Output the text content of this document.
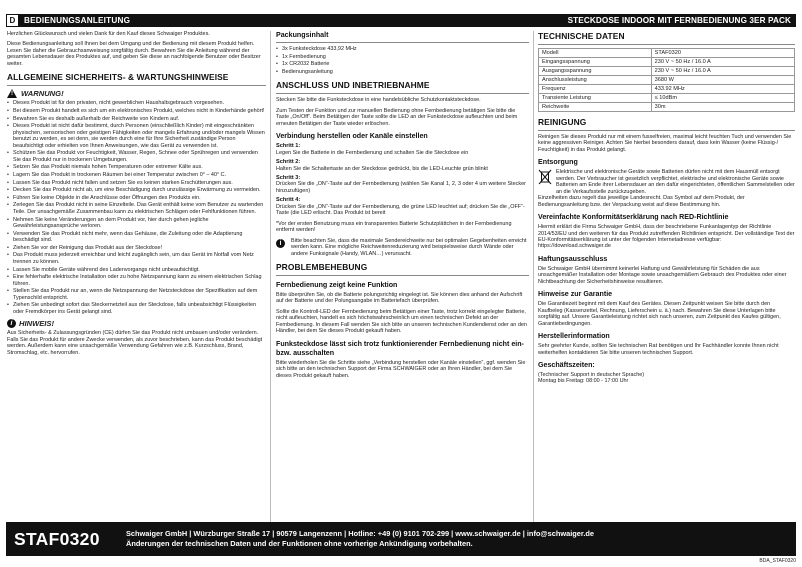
D	BEDIENUNGSANLEITUNG	STECKDOSE INDOOR MIT FERNBEDIENUNG 3ER PACK

Herzlichen Glückwunsch und vielen Dank für den Kauf dieses Schwaiger Produktes.

Diese Bedienungsanleitung soll Ihnen bei dem Umgang und der Bedienung mit diesem Produkt helfen. Lesen Sie daher die Gebrauchsanweisung sorgfältig durch. Bewahren Sie die Anleitung während der gesamten Lebensdauer des Produktes auf, und geben Sie diese an nachfolgende Benutzer oder Besitzer weiter.

ALLGEMEINE SICHERHEITS- & WARTUNGSHINWEISE
! WARNUNG!
• Dieses Produkt ist für den privaten, nicht gewerblichen Haushaltsgebrauch vorgesehen.
• Bei diesem Produkt handelt es sich um ein elektronisches Produkt, welches nicht in Kinderhände gehört!
• Bewahren Sie es deshalb außerhalb der Reichweite von Kindern auf.
• Dieses Produkt ist nicht dafür bestimmt, durch Personen (einschließlich Kinder) mit eingeschränkten physischen, sensorischen oder geistigen Fähigkeiten oder mangels Erfahrung und/oder mangels Wissen benutzt zu werden, es sei denn, sie werden durch eine für Ihre Sicherheit zuständige Person beaufsichtigt oder erhielten von Ihnen Anweisungen, wie das Gerät zu verwenden ist.
• Schützen Sie das Produkt vor Feuchtigkeit, Wasser, Regen, Schnee oder Sprühregen und verwenden Sie das Produkt nur in trockenen Umgebungen.
• Setzen Sie das Produkt niemals hohen Temperaturen oder extremer Kälte aus.
• Lagern Sie das Produkt in trockenen Räumen bei einer Temperatur zwischen 0° – 40° C.
• Lassen Sie das Produkt nicht fallen und setzen Sie es keinen starken Erschütterungen aus.
• Decken Sie das Produkt nicht ab, um eine Beschädigung durch unzulässige Erwärmung zu vermeiden.
• Führen Sie keine Objekte in die Anschlüsse oder Öffnungen des Produkts ein.
• Zerlegen Sie das Produkt nicht in seine Einzelteile. Das Gerät enthält keine vom Benutzer zu wartenden Teile. Der unsachgemäße Zusammenbau kann zu elektrischen Schlägen oder Fehlfunktionen führen.
• Nehmen Sie keine Veränderungen an dem Produkt vor, hier durch gehen jegliche Gewährleistungsansprüche verloren.
• Verwenden Sie das Produkt nicht mehr, wenn das Gehäuse, die Zuleitung oder die Adaptierung beschädigt sind.
• Ziehen Sie vor der Reinigung das Produkt aus der Steckdose!
• Das Produkt muss jederzeit erreichbar und leicht zugänglich sein, um das Gerät im Notfall vom Netz trennen zu können.
• Lassen Sie mobile Geräte während des Ladenvorgangs nicht unbeaufsichtigt.
• Eine fehlerhafte elektrische Installation oder zu hohe Netzspannung kann zu einem elektrischen Schlag führen.
• Stellen Sie das Produkt nur an, wenn die Netzspannung der Netzsteckdose der Spezifikation auf dem Typenschild entspricht.
• Ziehen Sie unbedingt sofort das Steckernetzteil aus der Steckdose, falls unbeabsichtigt Flüssigkeiten oder Fremdkörper ins Gerät gelangt sind.
i HINWEIS!

Aus Sicherheits- & Zulassungsgründen (CE) dürfen Sie das Produkt nicht umbauen und/oder verändern. Falls Sie das Produkt für andere Zwecke verwenden, als zuvor beschrieben, kann das Produkt beschädigt werden. Außerdem kann eine unsachgemäße Verwendung Gefahren wie z.B. Kurzschluss, Brand, Stromschlag, etc. hervorrufen.

Packungsinhalt
• 3x Funksteckdose 433,92 MHz
• 1x Fernbedienung
• 1x CR2032 Batterie
• Bedienungsanleitung
ANSCHLUSS UND INBETRIEBNAHME

Stecken Sie bitte die Funksteckdose in eine handelsübliche Schutzkontaktsteckdose.

Zum Testen der Funktion und zur manuellen Bedienung ohne Fernbedienung betätigen Sie bitte die Taste „On/Off“. Beim Betätigen der Taste sollte die LED an der Funksteckdose aufleuchten und beim erneuten Betätigen der Taste wieder erlöschen.

Verbindung herstellen oder Kanäle einstellen
Schritt 1:
Legen Sie die Batterie in die Fernbedienung und schalten Sie die Steckdose ein
Schritt 2:
Halten Sie die Schaltertaste an der Steckdose gedrückt, bis die LED-Leuchte grün blinkt
Schritt 3:
Drücken Sie die „ON“-Taste auf der Fernbedienung (wählen Sie Kanal 1, 2, 3 oder 4 um weitere Stecker hinzuzufügen)
Schritt 4:
Drücken Sie die „ON“-Taste auf der Fernbedienung, die grüne LED leuchtet auf; drücken Sie die „OFF“-Taste (die LED erlischt. Das Produkt ist bereit

*Vor der ersten Benutzung muss ein transparentes Batterie Schutzplättchen in der Fernbedienung entfernt werden!

i	Bitte beachten Sie, dass die maximale Sendereichweite nur bei optimalen Gegebenheiten erreicht werden kann. Eine mögliche Reichweitenreduzierung wird beispielsweise durch Wände oder andere Funksignale (Handy, WLAN…) verursacht.
PROBLEMBEHEBUNG
Fernbedienung zeigt keine Funktion

Bitte überprüfen Sie, ob die Batterie polungsrichtig eingelegt ist. Sie können dies anhand der Aufschrift auf der Batterie und der Polungsangabe im Batteriefach überprüfen.

Sollte die Kontroll-LED der Fernbedienung beim Betätigen einer Taste, trotz korrekt eingelegter Batterie, nicht aufleuchten, handelt es sich höchstwahrscheinlich um einen technischen Defekt an der Fernbedienung. In diesem Fall wenden Sie sich bitte an unseren technischen Kundendienst oder an den Händler, bei dem Sie dieses Produkt gekauft haben.

Funksteckdose lässt sich trotz funktionierender Fernbedienung nicht ein- bzw. ausschalten

Bitte wiederholen Sie die Schritte siehe „Verbindung herstellen oder Kanäle einstellen“, ggf. wenden Sie sich bitte an den technischen Support der Firma SCHWAIGER oder an Ihren Händler, bei dem Sie dieses Produkt gekauft haben.

TECHNISCHE DATEN
Modell	STAF0320
Eingangsspannung	230 V ~ 50 Hz / 16.0 A
Ausgangsspannung	230 V ~ 50 Hz / 16.0 A
Anschlussleistung	3680 W
Frequenz	433.92 MHz
Transiente Leistung	≤ 10dBm
Reichweite	30m
REINIGUNG

Reinigen Sie dieses Produkt nur mit einem fusselfreien, maximal leicht feuchten Tuch und verwenden Sie keine aggressiven Reiniger. Achten Sie hierbei besonders darauf, dass kein Wasser (keine Flüssig-/ Feuchtigkeit) in das Produkt gelangt.

Entsorgung

Elektrische und elektronische Geräte sowie Batterien dürfen nicht mit dem Hausmüll entsorgt werden. Der Verbraucher ist gesetzlich verpflichtet, elektrische und elektronische Geräte sowie Batterien am Ende ihrer Lebensdauer an den dafür eingerichteten, öffentlichen Sammelstellen oder an die Verkaufsstelle zurückzugeben.

Einzelheiten dazu regelt das jeweilige Landesrecht. Das Symbol auf dem Produkt, der Bedienungsanleitung bzw. der Verpackung weist auf diese Bestimmung hin.

Vereinfachte Konformitätserklärung nach RED-Richtlinie

Hiermit erklärt die Firma Schwaiger GmbH, dass der beschriebene Funkanlagentyp der Richtlinie 2014/53/EU und den weiteren für das Produkt zutreffenden Richtlinien entspricht. Der vollständige Text der EU-Konformitätserklärung ist unter der folgenden Internetadresse verfügbar: https://download.schwaiger.de

Haftungsausschluss

Die Schwaiger GmbH übernimmt keinerlei Haftung und Gewährleistung für Schäden die aus unsachgemäßer Installation oder Montage sowie unsachgemäßem Gebrauch des Produktes oder einer Nichtbeachtung der Sicherheitshinweise resultieren.

Hinweise zur Garantie

Die Garantiezeit beginnt mit dem Kauf des Gerätes. Diesen Zeitpunkt weisen Sie bitte durch den Kaufbeleg (Kassenzettel, Rechnung, Lieferschein u. ä.) nach. Bewahren Sie diese Unterlagen bitte sorgfältig auf. Unsere Garantieleistung richtet sich nach unseren, zum Zeitpunkt des Kaufes gültigen, Garantiebedingungen.

Herstellerinformation

Sehr geehrter Kunde, sollten Sie technischen Rat benötigen und Ihr Fachhändler konnte Ihnen nicht weiterhelfen kontaktieren Sie bitte unseren technischen Support.

Geschäftszeiten:
(Technischer Support in deutscher Sprache)
Montag bis Freitag: 08:00 - 17:00 Uhr
STAF0320	Schwaiger GmbH | Würzburger Straße 17 | 90579 Langenzenn | Hotline: +49 (0) 9101 702-299 | www.schwaiger.de | info@schwaiger.de
Änderungen der technischen Daten und der Funktionen ohne vorherige Ankündigung vorbehalten.
BDA_STAF0320
